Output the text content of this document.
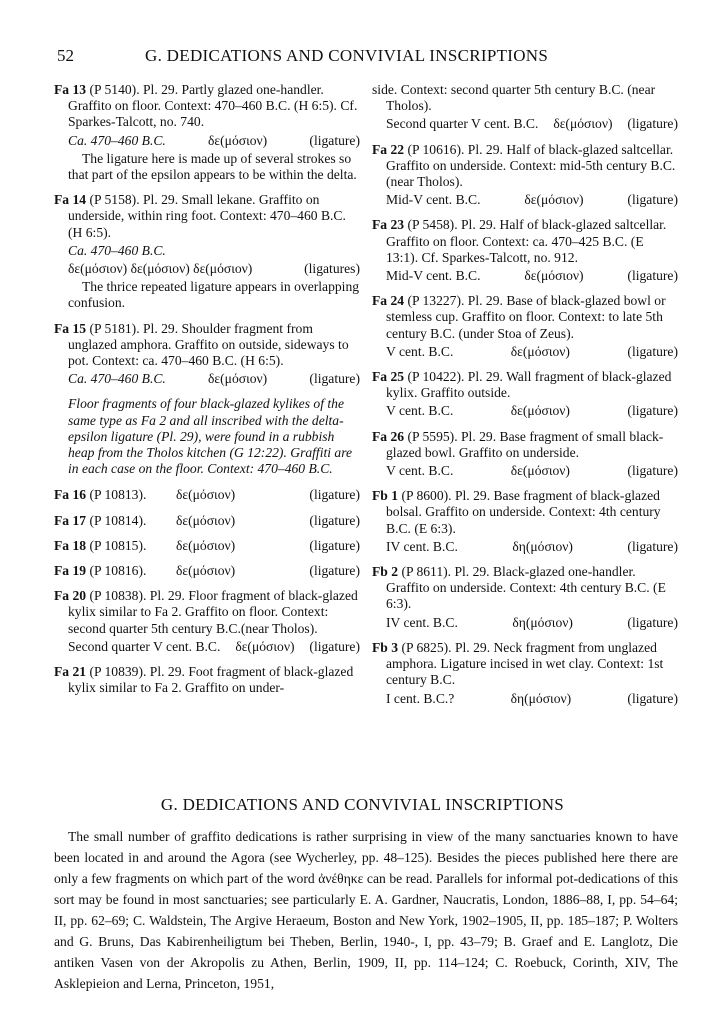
52	G. DEDICATIONS AND CONVIVIAL INSCRIPTIONS
Fa 13 (P 5140). Pl. 29. Partly glazed one-handler. Graffito on floor. Context: 470–460 B.C. (H 6:5). Cf. Sparkes-Talcott, no. 740.
Ca. 470–460 B.C.	δε(μόσιον)	(ligature)
The ligature here is made up of several strokes so that part of the epsilon appears to be within the delta.
Fa 14 (P 5158). Pl. 29. Small lekane. Graffito on underside, within ring foot. Context: 470–460 B.C. (H 6:5).
Ca. 470–460 B.C.
δε(μόσιον) δε(μόσιον) δε(μόσιον)	(ligatures)
The thrice repeated ligature appears in overlapping confusion.
Fa 15 (P 5181). Pl. 29. Shoulder fragment from unglazed amphora. Graffito on outside, sideways to pot. Context: ca. 470–460 B.C. (H 6:5).
Ca. 470–460 B.C.	δε(μόσιον)	(ligature)
Floor fragments of four black-glazed kylikes of the same type as Fa 2 and all inscribed with the delta-epsilon ligature (Pl. 29), were found in a rubbish heap from the Tholos kitchen (G 12:22). Graffiti are in each case on the floor. Context: 470–460 B.C.
Fa 16 (P 10813).	δε(μόσιον)	(ligature)
Fa 17 (P 10814).	δε(μόσιον)	(ligature)
Fa 18 (P 10815).	δε(μόσιον)	(ligature)
Fa 19 (P 10816).	δε(μόσιον)	(ligature)
Fa 20 (P 10838). Pl. 29. Floor fragment of black-glazed kylix similar to Fa 2. Graffito on floor. Context: second quarter 5th century B.C.(near Tholos).
Second quarter V cent. B.C.	δε(μόσιον)	(ligature)
Fa 21 (P 10839). Pl. 29. Foot fragment of black-glazed kylix similar to Fa 2. Graffito on under-
side. Context: second quarter 5th century B.C. (near Tholos).
Second quarter V cent. B.C.	δε(μόσιον)	(ligature)
Fa 22 (P 10616). Pl. 29. Half of black-glazed saltcellar. Graffito on underside. Context: mid-5th century B.C. (near Tholos).
Mid-V cent. B.C.	δε(μόσιον)	(ligature)
Fa 23 (P 5458). Pl. 29. Half of black-glazed saltcellar. Graffito on floor. Context: ca. 470–425 B.C. (E 13:1). Cf. Sparkes-Talcott, no. 912.
Mid-V cent. B.C.	δε(μόσιον)	(ligature)
Fa 24 (P 13227). Pl. 29. Base of black-glazed bowl or stemless cup. Graffito on floor. Context: to late 5th century B.C. (under Stoa of Zeus).
V cent. B.C.	δε(μόσιον)	(ligature)
Fa 25 (P 10422). Pl. 29. Wall fragment of black-glazed kylix. Graffito outside.
V cent. B.C.	δε(μόσιον)	(ligature)
Fa 26 (P 5595). Pl. 29. Base fragment of small black-glazed bowl. Graffito on underside.
V cent. B.C.	δε(μόσιον)	(ligature)
Fb 1 (P 8600). Pl. 29. Base fragment of black-glazed bolsal. Graffito on underside. Context: 4th century B.C. (E 6:3).
IV cent. B.C.	δη(μόσιον)	(ligature)
Fb 2 (P 8611). Pl. 29. Black-glazed one-handler. Graffito on underside. Context: 4th century B.C. (E 6:3).
IV cent. B.C.	δη(μόσιον)	(ligature)
Fb 3 (P 6825). Pl. 29. Neck fragment from unglazed amphora. Ligature incised in wet clay. Context: 1st century B.C.
I cent. B.C.?	δη(μόσιον)	(ligature)
G. DEDICATIONS AND CONVIVIAL INSCRIPTIONS
The small number of graffito dedications is rather surprising in view of the many sanctuaries known to have been located in and around the Agora (see Wycherley, pp. 48–125). Besides the pieces published here there are only a few fragments on which part of the word ἀνέθηκε can be read. Parallels for informal pot-dedications of this sort may be found in most sanctuaries; see particularly E. A. Gardner, Naucratis, London, 1886–88, I, pp. 54–64; II, pp. 62–69; C. Waldstein, The Argive Heraeum, Boston and New York, 1902–1905, II, pp. 185–187; P. Wolters and G. Bruns, Das Kabirenheiligtum bei Theben, Berlin, 1940-, I, pp. 43–79; B. Graef and E. Langlotz, Die antiken Vasen von der Akropolis zu Athen, Berlin, 1909, II, pp. 114–124; C. Roebuck, Corinth, XIV, The Asklepieion and Lerna, Princeton, 1951,
